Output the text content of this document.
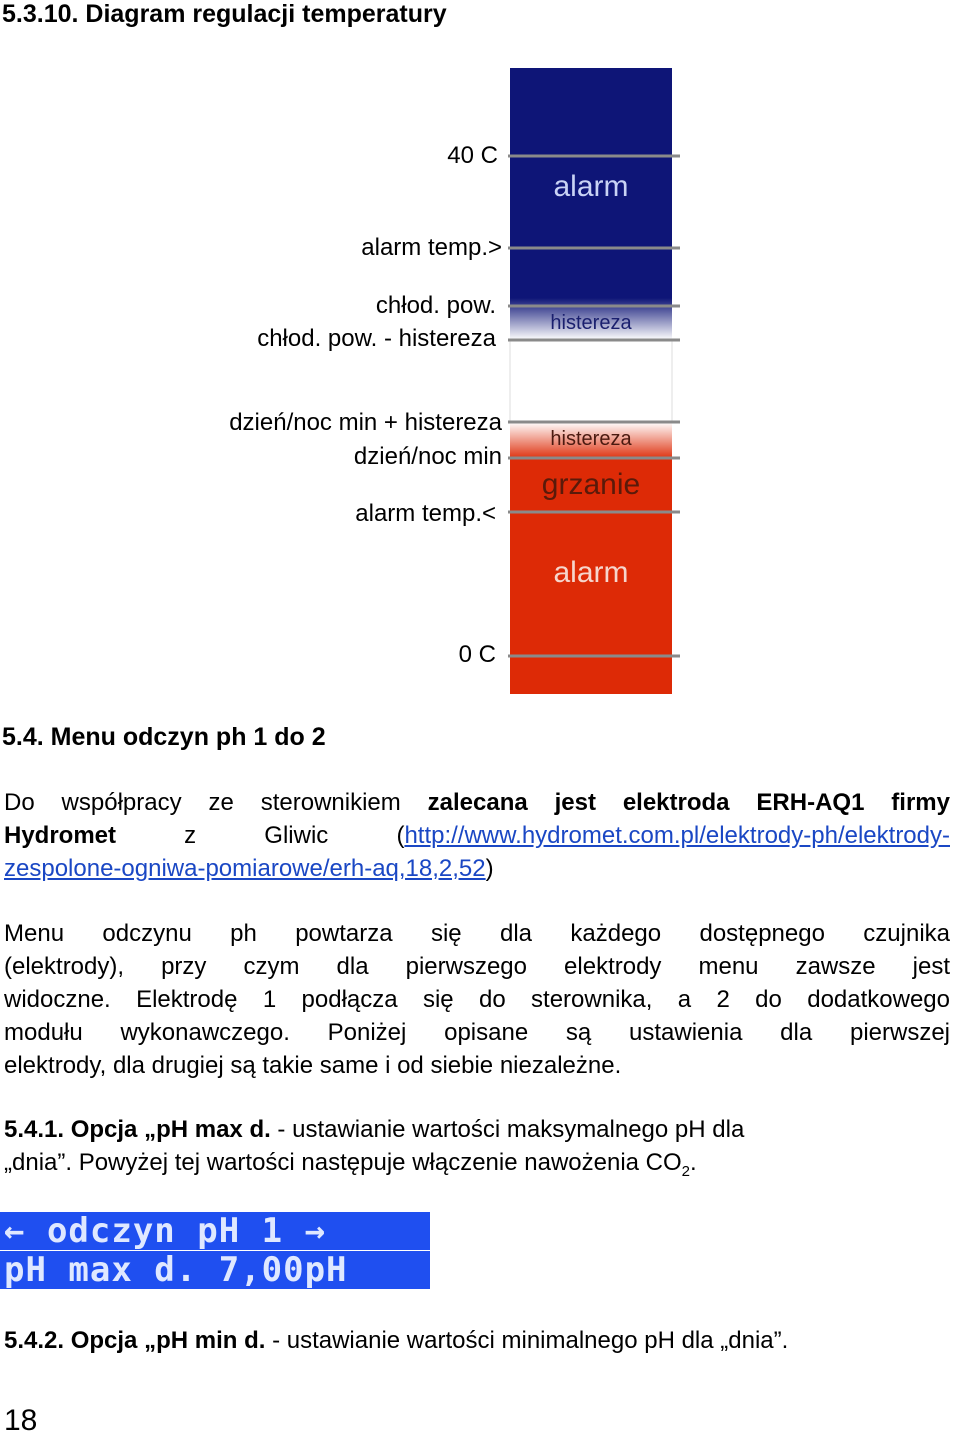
5.3.10. Diagram regulacji temperatury
40 C
alarm temp.>
chłod. pow.
chłod. pow. - histereza
dzień/noc min + histereza
dzień/noc min
alarm temp.<
0 C
alarm
histereza
histereza
grzanie
alarm
5.4. Menu odczyn ph 1 do 2
Do współpracy ze sterownikiem zalecana jest elektroda ERH-AQ1 firmy
Hydromet z Gliwic (http://www.hydromet.com.pl/elektrody-ph/elektrody-
zespolone-ogniwa-pomiarowe/erh-aq,18,2,52)
Menu odczynu ph powtarza się dla każdego dostępnego czujnika
(elektrody), przy czym dla pierwszego elektrody menu zawsze jest
widoczne. Elektrodę 1 podłącza się do sterownika, a 2 do dodatkowego
modułu wykonawczego. Poniżej opisane są ustawienia dla pierwszej
elektrody, dla drugiej są takie same i od siebie niezależne.
5.4.1. Opcja „pH max d. - ustawianie wartości maksymalnego pH dla
„dnia”. Powyżej tej wartości następuje włączenie nawożenia $CO_2$.
← odczyn pH 1 →
pH max d. 7,00pH
5.4.2. Opcja „pH min d. - ustawianie wartości minimalnego pH dla „dnia”.
18
